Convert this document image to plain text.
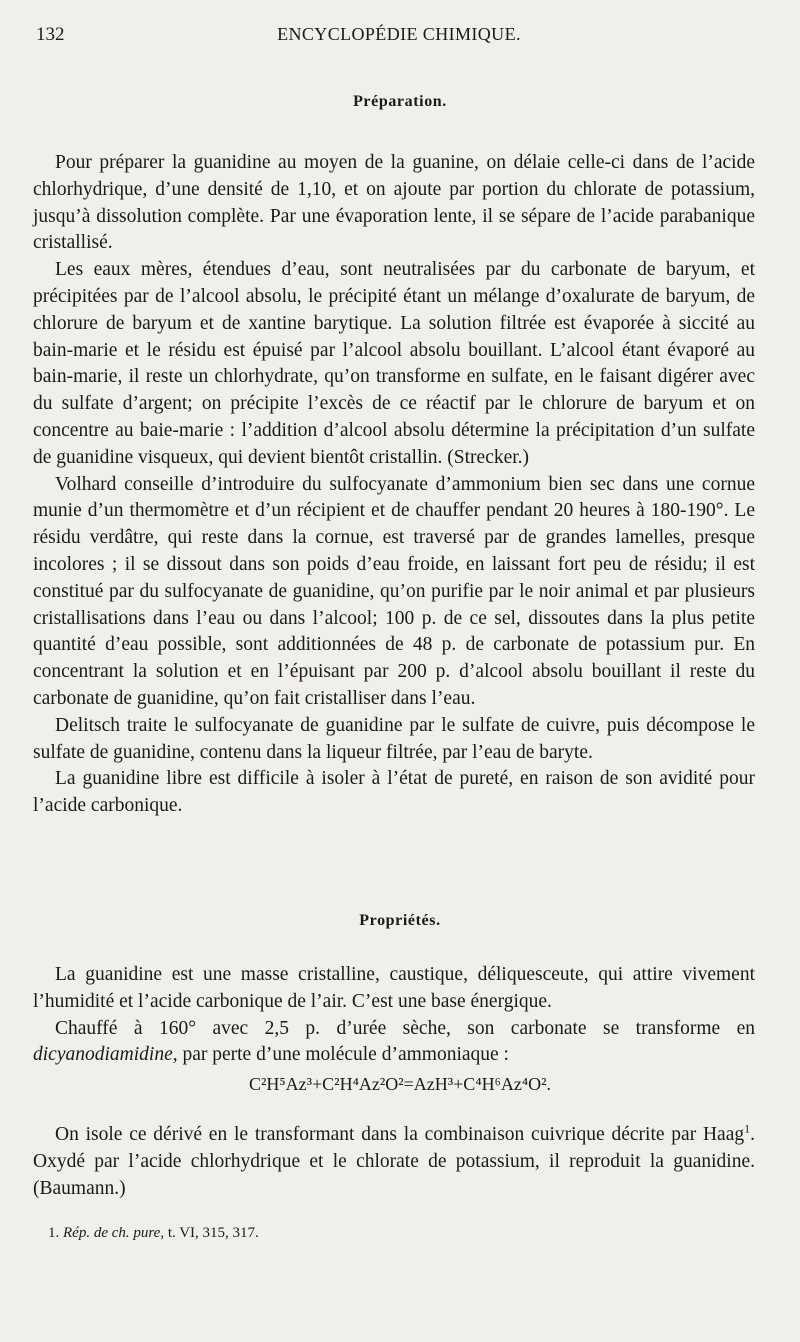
132	ENCYCLOPÉDIE CHIMIQUE.
Préparation.

Pour préparer la guanidine au moyen de la guanine, on délaie celle-ci dans de l’acide chlorhydrique, d’une densité de 1,10, et on ajoute par portion du chlorate de potassium, jusqu’à dissolution complète. Par une évaporation lente, il se sépare de l’acide parabanique cristallisé.

Les eaux mères, étendues d’eau, sont neutralisées par du carbonate de baryum, et précipitées par de l’alcool absolu, le précipité étant un mélange d’oxalurate de baryum, de chlorure de baryum et de xantine barytique. La solution filtrée est évaporée à siccité au bain-marie et le résidu est épuisé par l’alcool absolu bouillant. L’alcool étant évaporé au bain-marie, il reste un chlorhydrate, qu’on transforme en sulfate, en le faisant digérer avec du sulfate d’argent; on précipite l’excès de ce réactif par le chlorure de baryum et on concentre au baie-marie : l’addition d’alcool absolu détermine la précipitation d’un sulfate de guanidine visqueux, qui devient bientôt cristallin. (Strecker.)

Volhard conseille d’introduire du sulfocyanate d’ammonium bien sec dans une cornue munie d’un thermomètre et d’un récipient et de chauffer pendant 20 heures à 180-190°. Le résidu verdâtre, qui reste dans la cornue, est traversé par de grandes lamelles, presque incolores ; il se dissout dans son poids d’eau froide, en laissant fort peu de résidu; il est constitué par du sulfocyanate de guanidine, qu’on purifie par le noir animal et par plusieurs cristallisations dans l’eau ou dans l’alcool; 100 p. de ce sel, dissoutes dans la plus petite quantité d’eau possible, sont additionnées de 48 p. de carbonate de potassium pur. En concentrant la solution et en l’épuisant par 200 p. d’alcool absolu bouillant il reste du carbonate de guanidine, qu’on fait cristalliser dans l’eau.

Delitsch traite le sulfocyanate de guanidine par le sulfate de cuivre, puis décompose le sulfate de guanidine, contenu dans la liqueur filtrée, par l’eau de baryte.

La guanidine libre est difficile à isoler à l’état de pureté, en raison de son avidité pour l’acide carbonique.

Propriétés.

La guanidine est une masse cristalline, caustique, déliquesceute, qui attire vivement l’humidité et l’acide carbonique de l’air. C’est une base énergique.

Chauffé à 160° avec 2,5 p. d’urée sèche, son carbonate se transforme en dicyanodiamidine, par perte d’une molécule d’ammoniaque :

C²H⁵Az³+C²H⁴Az²O²=AzH³+C⁴H⁶Az⁴O².

On isole ce dérivé en le transformant dans la combinaison cuivrique décrite par Haag$^1$. Oxydé par l’acide chlorhydrique et le chlorate de potassium, il reproduit la guanidine. (Baumann.)

1. Rép. de ch. pure, t. VI, 315, 317.
